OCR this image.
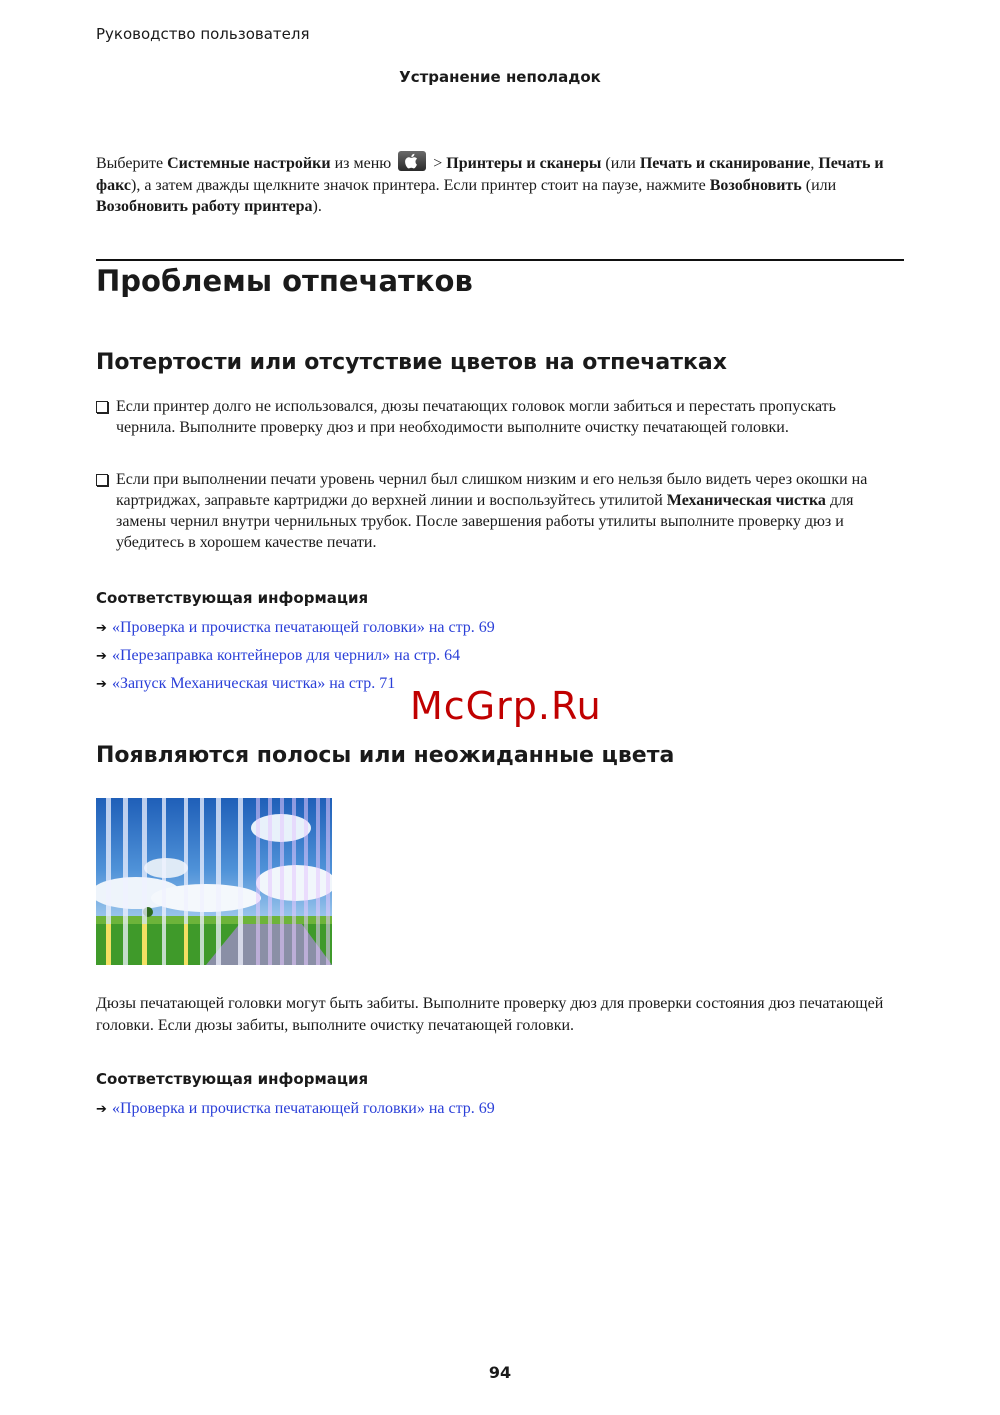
Руководство пользователя
Устранение неполадок
Выберите Системные настройки из меню
> Принтеры и сканеры (или Печать и сканирование, Печать и факс), а затем дважды щелкните значок принтера. Если принтер стоит на паузе, нажмите Возобновить (или Возобновить работу принтера).
Проблемы отпечатков
Потертости или отсутствие цветов на отпечатках
Если принтер долго не использовался, дюзы печатающих головок могли забиться и перестать пропускать чернила. Выполните проверку дюз и при необходимости выполните очистку печатающей головки.
Если при выполнении печати уровень чернил был слишком низким и его нельзя было видеть через окошки на картриджах, заправьте картриджи до верхней линии и воспользуйтесь утилитой Механическая чистка для замены чернил внутри чернильных трубок. После завершения работы утилиты выполните проверку дюз и убедитесь в хорошем качестве печати.
Соответствующая информация
➔ «Проверка и прочистка печатающей головки» на стр. 69
➔ «Перезаправка контейнеров для чернил» на стр. 64
➔ «Запуск Механическая чистка» на стр. 71
McGrp.Ru
Появляются полосы или неожиданные цвета
Дюзы печатающей головки могут быть забиты. Выполните проверку дюз для проверки состояния дюз печатающей головки. Если дюзы забиты, выполните очистку печатающей головки.
Соответствующая информация
➔ «Проверка и прочистка печатающей головки» на стр. 69
94
